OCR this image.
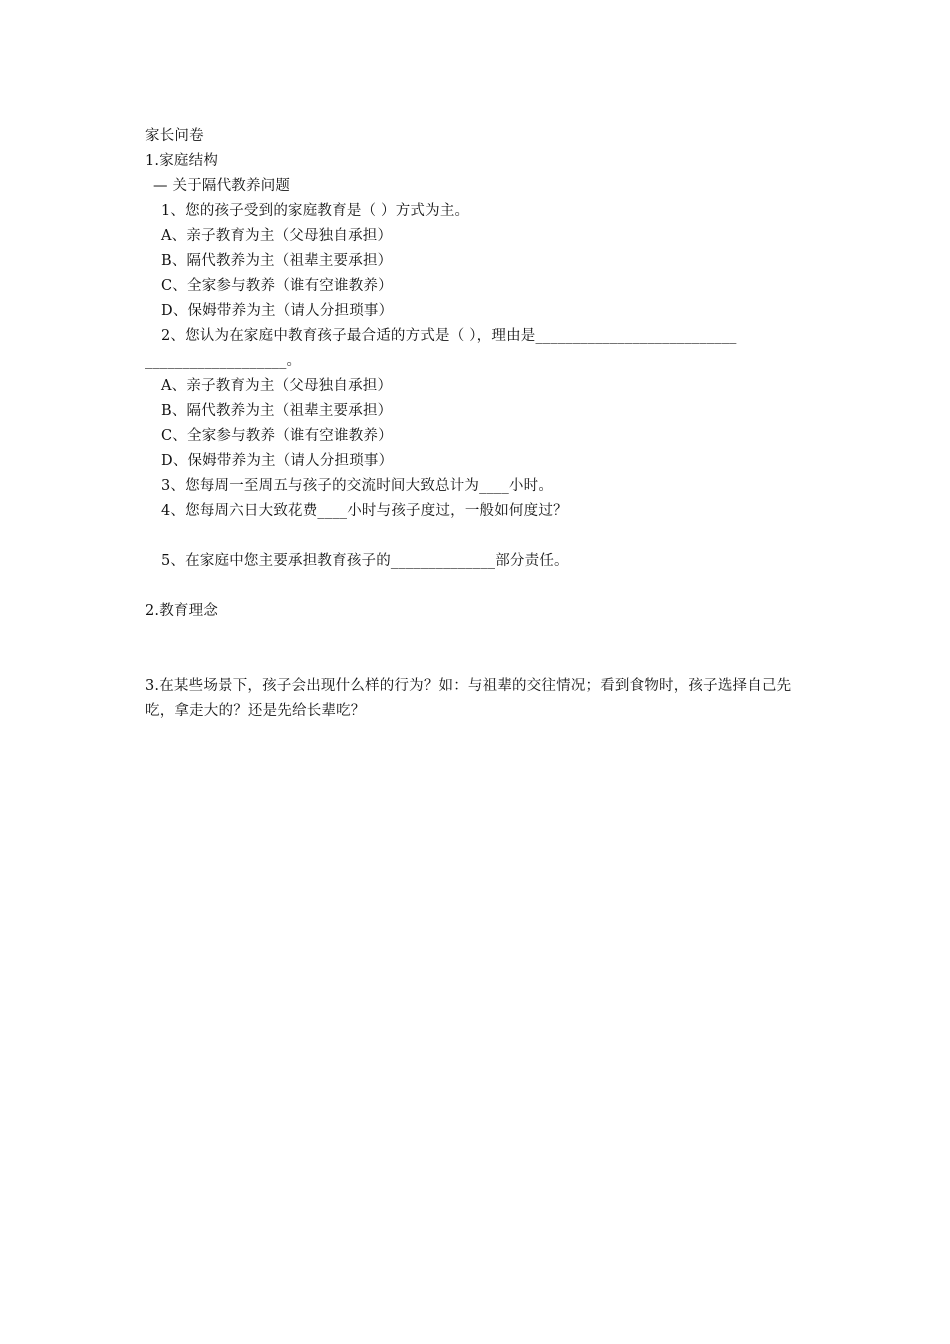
家长问卷
1.家庭结构
— 关于隔代教养问题
1、您的孩子受到的家庭教育是（ ）方式为主。
A、亲子教育为主（父母独自承担）
B、隔代教养为主（祖辈主要承担）
C、全家参与教养（谁有空谁教养）
D、保姆带养为主（请人分担琐事）
2、您认为在家庭中教育孩子最合适的方式是（ ），理由是___________________________
___________________。
A、亲子教育为主（父母独自承担）
B、隔代教养为主（祖辈主要承担）
C、全家参与教养（谁有空谁教养）
D、保姆带养为主（请人分担琐事）
3、您每周一至周五与孩子的交流时间大致总计为____小时。
4、您每周六日大致花费____小时与孩子度过，一般如何度过？
5、在家庭中您主要承担教育孩子的______________部分责任。
2.教育理念
3.在某些场景下，孩子会出现什么样的行为？如：与祖辈的交往情况；看到食物时，孩子选择自己先吃，拿走大的？还是先给长辈吃？
